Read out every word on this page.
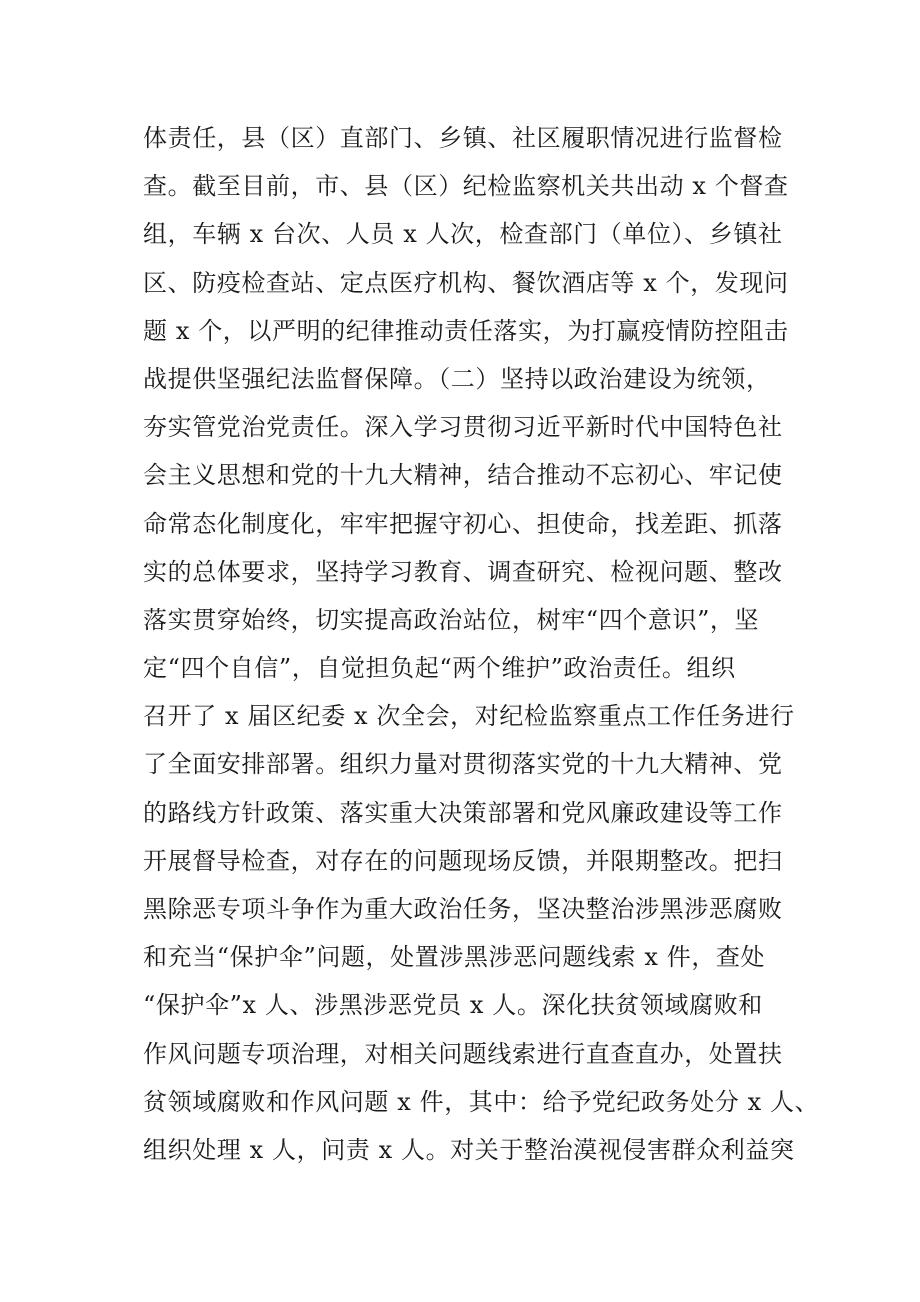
体责任，县（区）直部门、乡镇、社区履职情况进行监督检
查。截至目前，市、县（区）纪检监察机关共出动 x 个督查
组，车辆 x 台次、人员 x 人次，检查部门（单位）、乡镇社
区、防疫检查站、定点医疗机构、餐饮酒店等 x 个，发现问
题 x 个，以严明的纪律推动责任落实，为打赢疫情防控阻击
战提供坚强纪法监督保障。（二）坚持以政治建设为统领，
夯实管党治党责任。深入学习贯彻习近平新时代中国特色社
会主义思想和党的十九大精神，结合推动不忘初心、牢记使
命常态化制度化，牢牢把握守初心、担使命，找差距、抓落
实的总体要求，坚持学习教育、调查研究、检视问题、整改
落实贯穿始终，切实提高政治站位，树牢“四个意识”，坚
定“四个自信”，自觉担负起“两个维护”政治责任。组织
召开了 x 届区纪委 x 次全会，对纪检监察重点工作任务进行
了全面安排部署。组织力量对贯彻落实党的十九大精神、党
的路线方针政策、落实重大决策部署和党风廉政建设等工作
开展督导检查，对存在的问题现场反馈，并限期整改。把扫
黑除恶专项斗争作为重大政治任务，坚决整治涉黑涉恶腐败
和充当“保护伞”问题，处置涉黑涉恶问题线索 x 件，查处
“保护伞”x 人、涉黑涉恶党员 x 人。深化扶贫领域腐败和
作风问题专项治理，对相关问题线索进行直查直办，处置扶
贫领域腐败和作风问题 x 件，其中：给予党纪政务处分 x 人、
组织处理 x 人，问责 x 人。对关于整治漠视侵害群众利益突
